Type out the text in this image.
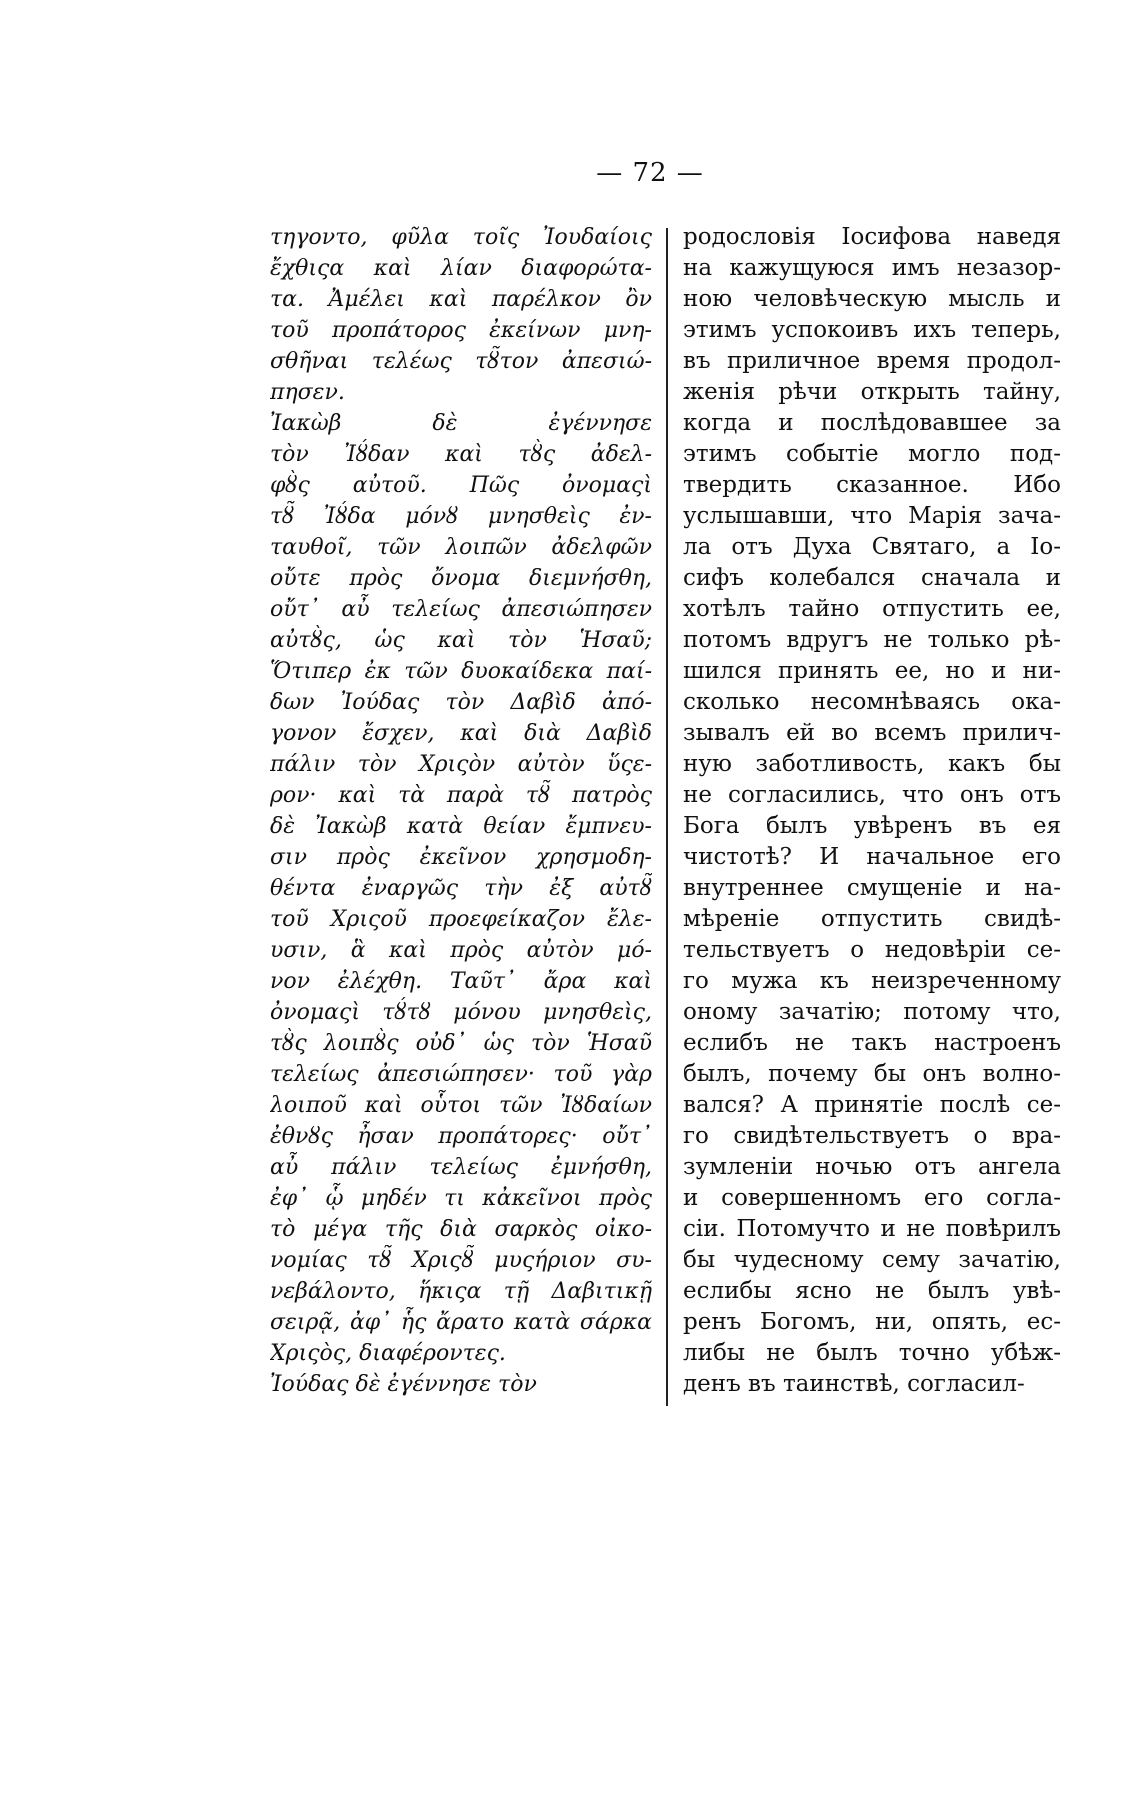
— 72 —
τηγοντο, φῦλα τοῖς Ἰουδαίοις
ἔχθιςα καὶ λίαν διαφορώτα-
τα. Ἀμέλει καὶ παρέλκον ὂν
τοῦ προπάτορος ἐκείνων μνη-
σθῆναι τελέως τȣ̃τον ἀπεσιώ-
πησεν.
Ἰακὼβ δὲ ἐγέννησε
τὸν Ἰȣ́δαν καὶ τȣ̀ς ἀδελ-
φȣ̀ς αὐτοῦ. Πῶς ὀνομαςὶ
τȣ̃ Ἰȣ́δα μόνȣ μνησθεὶς ἐν-
ταυθοῖ, τῶν λοιπῶν ἀδελφῶν
οὔτε πρὸς ὄνομα διεμνήσθη,
οὔτ᾽ αὖ τελείως ἀπεσιώπησεν
αὐτȣ̀ς, ὡς καὶ τὸν Ἡσαῦ;
Ὅτιπερ ἐκ τῶν δυοκαίδεκα παί-
δων Ἰούδας τὸν Δαβὶδ ἀπό-
γονον ἔσχεν, καὶ διὰ Δαβὶδ
πάλιν τὸν Χριςὸν αὐτὸν ὕςε-
ρον· καὶ τὰ παρὰ τȣ̃ πατρὸς
δὲ Ἰακὼβ κατὰ θείαν ἔμπνευ-
σιν πρὸς ἐκεῖνον χρησμοδη-
θέντα ἐναργῶς τὴν ἐξ αὐτȣ̃
τοῦ Χριςοῦ προεφείκαζον ἔλε-
υσιν, ἃ καὶ πρὸς αὐτὸν μό-
νον ἐλέχθη. Ταῦτ᾽ ἄρα καὶ
ὀνομαςὶ τȣ́τȣ μόνου μνησθεὶς,
τȣ̀ς λοιπȣ̀ς οὐδ᾽ ὡς τὸν Ἡσαῦ
τελείως ἀπεσιώπησεν· τοῦ γὰρ
λοιποῦ καὶ οὗτοι τῶν Ἰȣδαίων
ἐθνȣς ἦσαν προπάτορες· οὔτ᾽
αὖ πάλιν τελείως ἐμνήσθη,
ἐφ᾽ ᾧ μηδέν τι κἀκεῖνοι πρὸς
τὸ μέγα τῆς διὰ σαρκὸς οἰκο-
νομίας τȣ̃ Χριςȣ̃ μυςήριον συ-
νεβάλοντο, ἥκιςα τῇ Δαβιτικῇ
σειρᾷ, ἀφ᾽ ἧς ἄρατο κατὰ σάρκα
Χριςὸς, διαφέροντες.
Ἰούδας δὲ ἐγέννησε τὸν
родословія Іосифова наведя
на кажущуюся имъ незазор-
ною человѣческую мысль и
этимъ успокоивъ ихъ теперь,
въ приличное время продол-
женія рѣчи открыть тайну,
когда и послѣдовавшее за
этимъ событіе могло под-
твердить сказанное. Ибо
услышавши, что Марія зача-
ла отъ Духа Святаго, а Іо-
сифъ колебался сначала и
хотѣлъ тайно отпустить ее,
потомъ вдругъ не только рѣ-
шился принять ее, но и ни-
сколько несомнѣваясь ока-
зывалъ ей во всемъ прилич-
ную заботливость, какъ бы
не согласились, что онъ отъ
Бога былъ увѣренъ въ ея
чистотѣ? И начальное его
внутреннее смущеніе и на-
мѣреніе отпустить свидѣ-
тельствуетъ о недовѣріи се-
го мужа къ неизреченному
оному зачатію; потому что,
еслибъ не такъ настроенъ
былъ, почему бы онъ волно-
вался? А принятіе послѣ се-
го свидѣтельствуетъ о вра-
зумленіи ночью отъ ангела
и совершенномъ его согла-
сіи. Потомучто и не повѣрилъ
бы чудесному сему зачатію,
еслибы ясно не былъ увѣ-
ренъ Богомъ, ни, опять, ес-
либы не былъ точно убѣж-
денъ въ таинствѣ, согласил-
